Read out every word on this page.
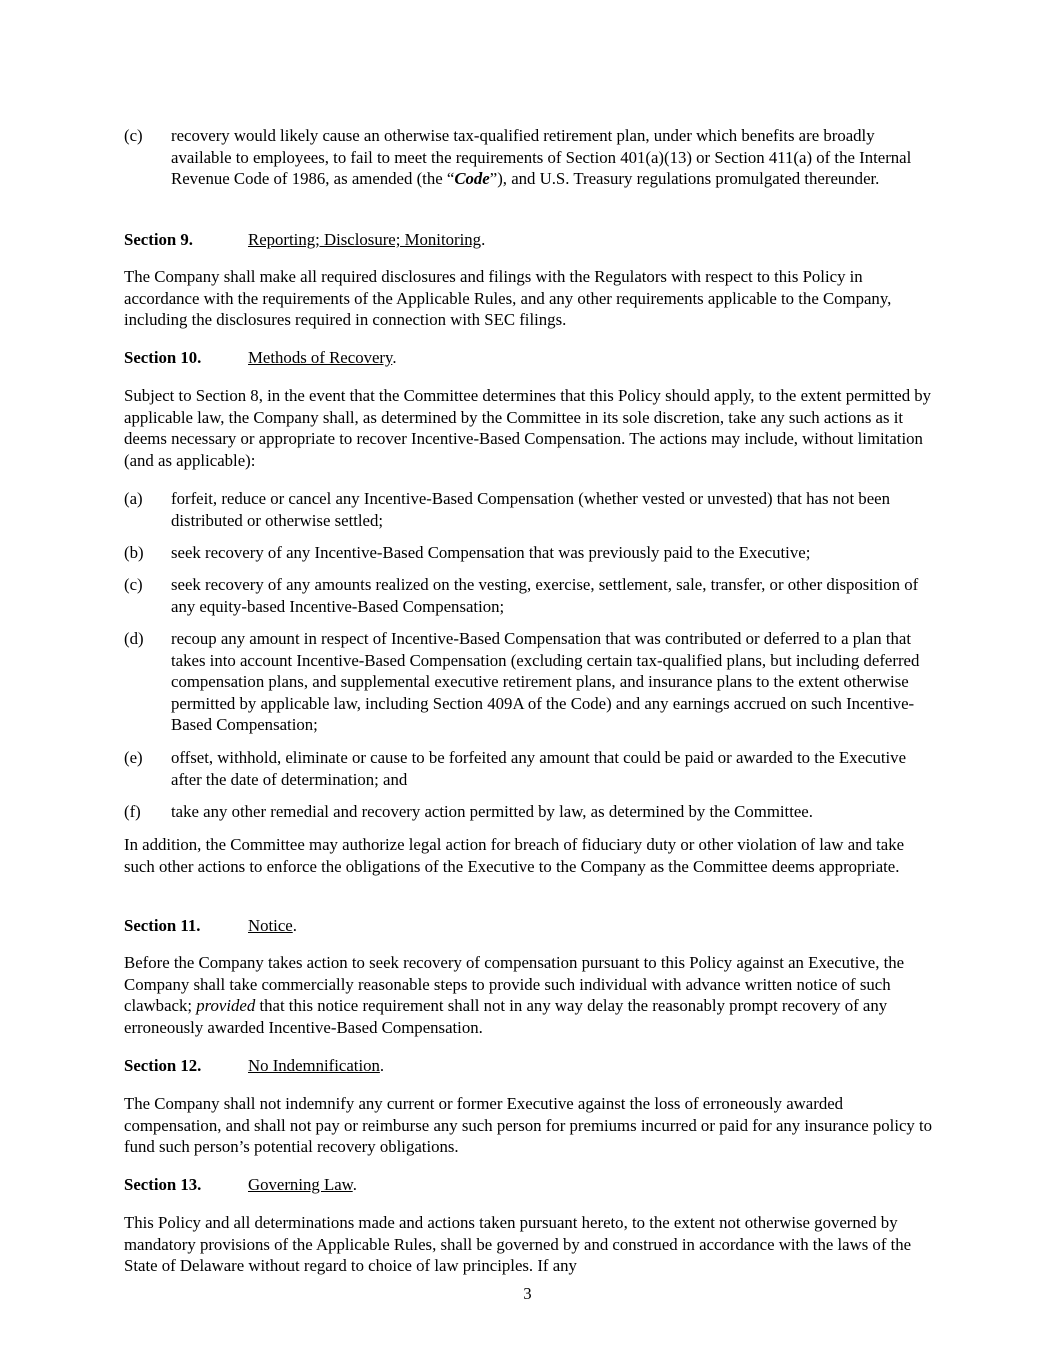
(c) recovery would likely cause an otherwise tax-qualified retirement plan, under which benefits are broadly available to employees, to fail to meet the requirements of Section 401(a)(13) or Section 411(a) of the Internal Revenue Code of 1986, as amended (the “Code”), and U.S. Treasury regulations promulgated thereunder.
Section 9.	Reporting; Disclosure; Monitoring.

The Company shall make all required disclosures and filings with the Regulators with respect to this Policy in accordance with the requirements of the Applicable Rules, and any other requirements applicable to the Company, including the disclosures required in connection with SEC filings.

Section 10.	Methods of Recovery.

Subject to Section 8, in the event that the Committee determines that this Policy should apply, to the extent permitted by applicable law, the Company shall, as determined by the Committee in its sole discretion, take any such actions as it deems necessary or appropriate to recover Incentive-Based Compensation. The actions may include, without limitation (and as applicable):

(a) forfeit, reduce or cancel any Incentive-Based Compensation (whether vested or unvested) that has not been distributed or otherwise settled;
(b) seek recovery of any Incentive-Based Compensation that was previously paid to the Executive;
(c) seek recovery of any amounts realized on the vesting, exercise, settlement, sale, transfer, or other disposition of any equity-based Incentive-Based Compensation;
(d) recoup any amount in respect of Incentive-Based Compensation that was contributed or deferred to a plan that takes into account Incentive-Based Compensation (excluding certain tax-qualified plans, but including deferred compensation plans, and supplemental executive retirement plans, and insurance plans to the extent otherwise permitted by applicable law, including Section 409A of the Code) and any earnings accrued on such Incentive-Based Compensation;
(e) offset, withhold, eliminate or cause to be forfeited any amount that could be paid or awarded to the Executive after the date of determination; and
(f) take any other remedial and recovery action permitted by law, as determined by the Committee.

In addition, the Committee may authorize legal action for breach of fiduciary duty or other violation of law and take such other actions to enforce the obligations of the Executive to the Company as the Committee deems appropriate.

Section 11.	Notice.

Before the Company takes action to seek recovery of compensation pursuant to this Policy against an Executive, the Company shall take commercially reasonable steps to provide such individual with advance written notice of such clawback; provided that this notice requirement shall not in any way delay the reasonably prompt recovery of any erroneously awarded Incentive-Based Compensation.

Section 12.	No Indemnification.

The Company shall not indemnify any current or former Executive against the loss of erroneously awarded compensation, and shall not pay or reimburse any such person for premiums incurred or paid for any insurance policy to fund such person’s potential recovery obligations.

Section 13.	Governing Law.

This Policy and all determinations made and actions taken pursuant hereto, to the extent not otherwise governed by mandatory provisions of the Applicable Rules, shall be governed by and construed in accordance with the laws of the State of Delaware without regard to choice of law principles. If any

3
